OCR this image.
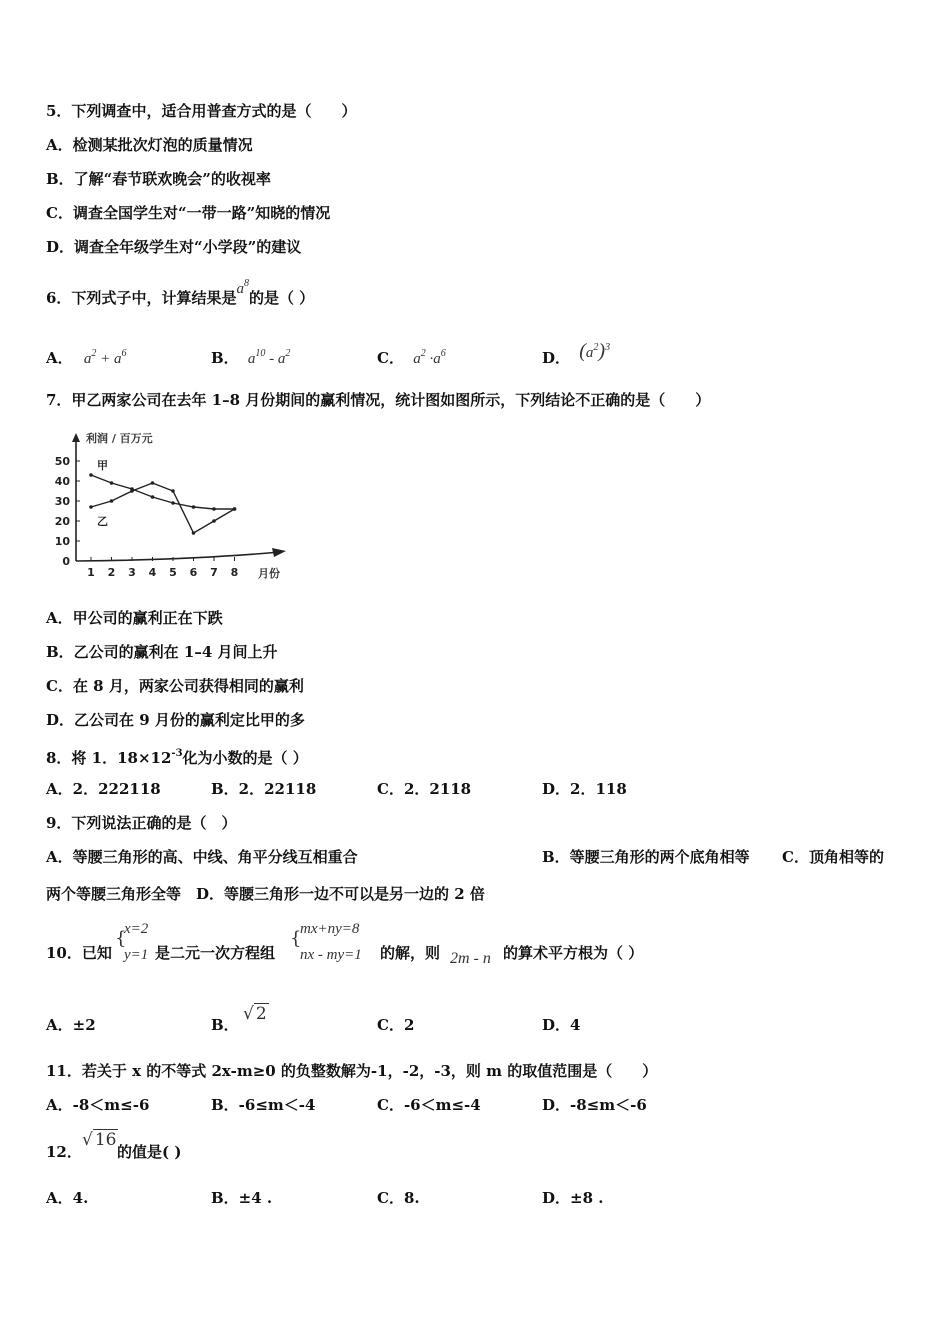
5．下列调查中，适合用普查方式的是（　　）
A．检测某批次灯泡的质量情况
B．了解“春节联欢晚会”的收视率
C．调查全国学生对“一带一路”知晓的情况
D．调查全年级学生对“小学段”的建议
6．下列式子中，计算结果是$a^8$的是（ ）
A． $a^2 + a^6$	B． $a^{10} - a^2$	C． $a^2 \cdot a^6$	D． $(a^2)^3$
7．甲乙两家公司在去年 1–8 月份期间的赢利情况，统计图如图所示，下列结论不正确的是（　　）
0
10
20
30
40
50
1 2 3 4 5 6 7 8
甲
乙
利润 / 百万元
月份
A．甲公司的赢利正在下跌
B．乙公司的赢利在 1–4 月间上升
C．在 8 月，两家公司获得相同的赢利
D．乙公司在 9 月份的赢利定比甲的多
8．将 1．$18\times 12^{-3}$化为小数的是（ ）
A．2．222118	B．2．22118	C．2．2118	D．2．118
9．下列说法正确的是（　）
A．等腰三角形的高、中线、角平分线互相重合	B．等腰三角形的两个底角相等 C．顶角相等的
两个等腰三角形全等　D．等腰三角形一边不可以是另一边的 2 倍
10．已知
{
x=2
y=1 是二元一次方程组
{
mx+ny=8
nx - my=1 的解，则 2m - n 的算术平方根为（ ）
A．±2	B．
√ 2
C．2	D．4
11．若关于 x 的不等式 2x-m≥0 的负整数解为-1，-2，-3，则 m 的取值范围是（　　）
A．-8＜m≤-6	B．-6≤m＜-4	C．-6＜m≤-4	D．-8≤m＜-6
12．
√ 16
的值是( )
A．4.	B．±4 .	C．8.	D．±8 .
